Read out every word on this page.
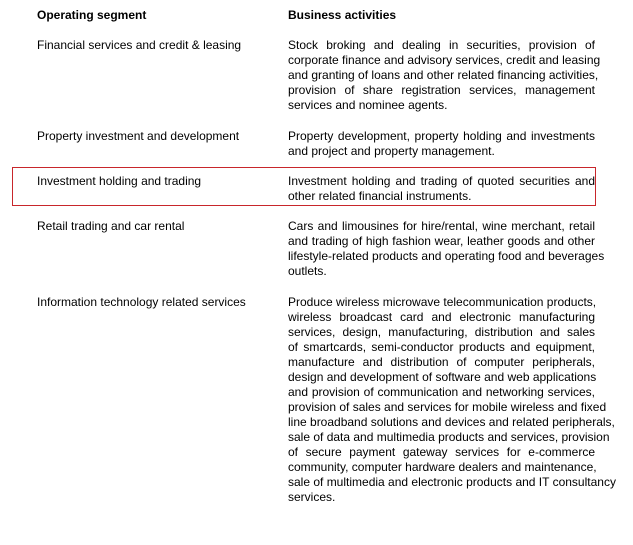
Operating segment	Business activities
Financial services and credit & leasing	Stock broking and dealing in securities, provision of
corporate finance and advisory services, credit and leasing
and granting of loans and other related financing activities,
provision of share registration services, management
services and nominee agents.
Property investment and development	Property development, property holding and investments
and project and property management.
Investment holding and trading	Investment holding and trading of quoted securities and
other related financial instruments.
Retail trading and car rental	Cars and limousines for hire/rental, wine merchant, retail
and trading of high fashion wear, leather goods and other
lifestyle-related products and operating food and beverages
outlets.
Information technology related services	Produce wireless microwave telecommunication products,
wireless broadcast card and electronic manufacturing
services, design, manufacturing, distribution and sales
of smartcards, semi-conductor products and equipment,
manufacture and distribution of computer peripherals,
design and development of software and web applications
and provision of communication and networking services,
provision of sales and services for mobile wireless and fixed
line broadband solutions and devices and related peripherals,
sale of data and multimedia products and services, provision
of secure payment gateway services for e-commerce
community, computer hardware dealers and maintenance,
sale of multimedia and electronic products and IT consultancy
services.
